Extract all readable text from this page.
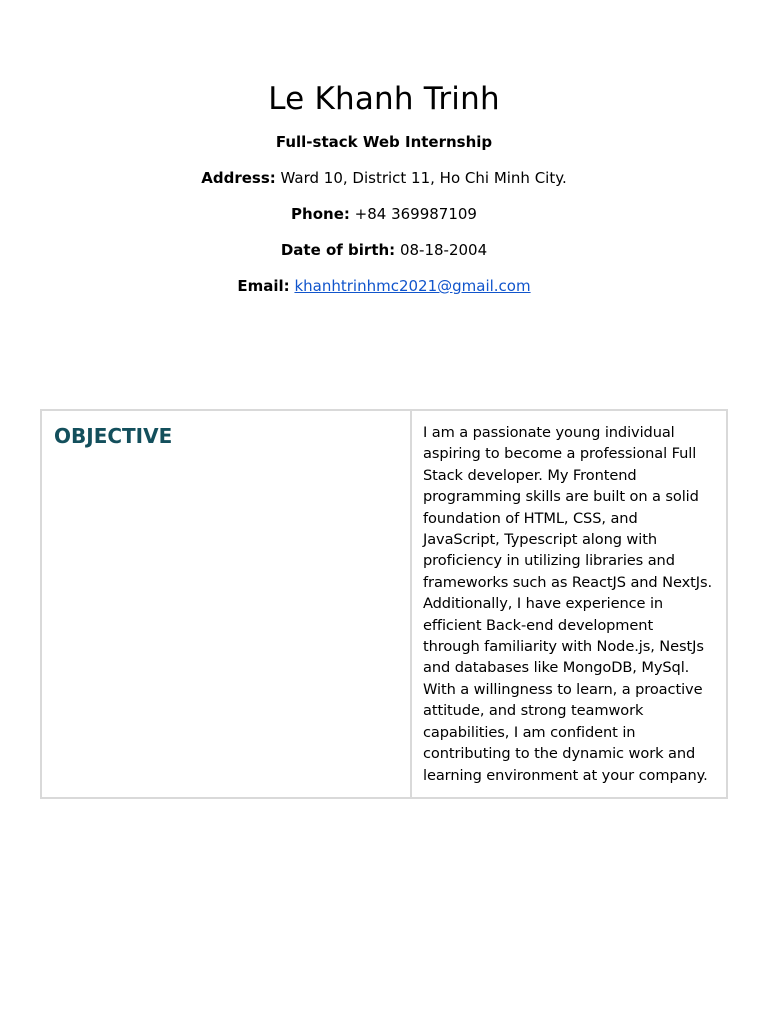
Le Khanh Trinh
Full-stack Web Internship
Address: Ward 10, District 11, Ho Chi Minh City.
Phone: +84 369987109
Date of birth: 08-18-2004
Email: khanhtrinhmc2021@gmail.com
OBJECTIVE	I am a passionate young individual aspiring to become a professional Full Stack developer. My Frontend programming skills are built on a solid foundation of HTML, CSS, and JavaScript, Typescript along with proficiency in utilizing libraries and frameworks such as ReactJS and NextJs. Additionally, I have experience in efficient Back-end development through familiarity with Node.js, NestJs and databases like MongoDB, MySql. With a willingness to learn, a proactive attitude, and strong teamwork capabilities, I am confident in contributing to the dynamic work and learning environment at your company.
